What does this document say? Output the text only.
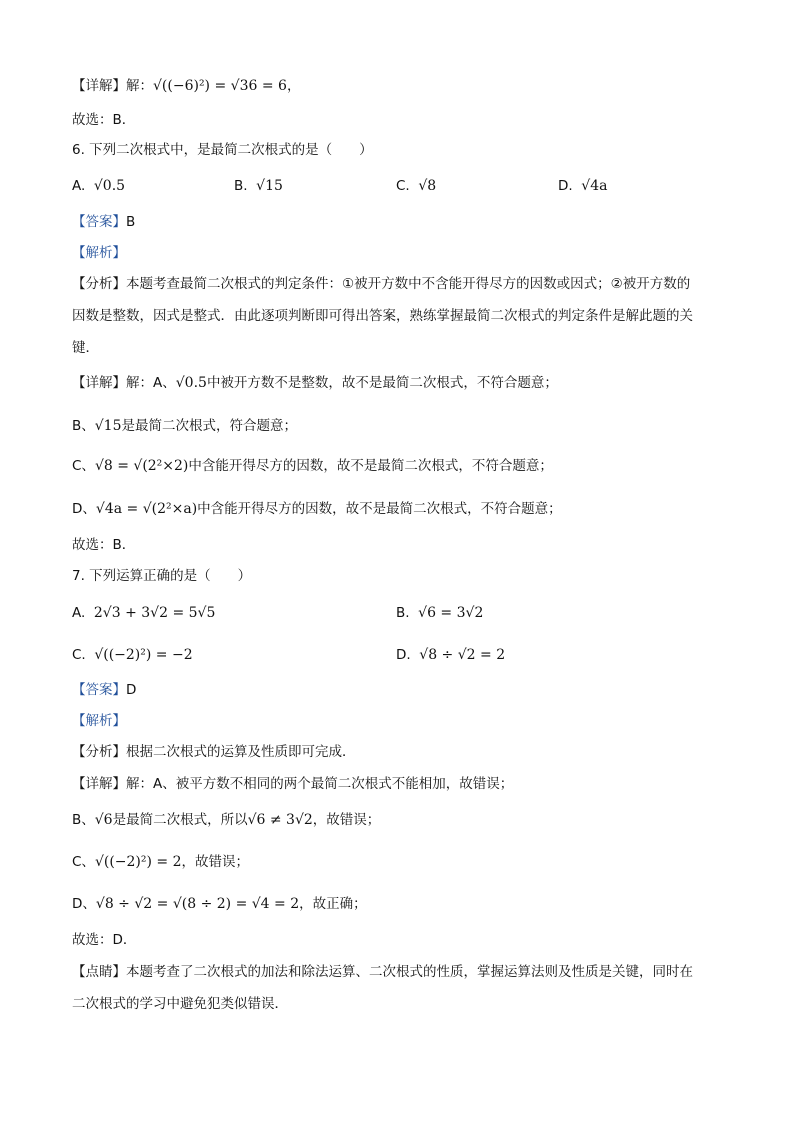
【详解】解：√((−6)²) = √36 = 6，
故选：B．
6. 下列二次根式中，是最简二次根式的是（　　）
A. √0.5	B. √15	C. √8	D. √4a
【答案】B
【解析】
【分析】本题考查最简二次根式的判定条件：①被开方数中不含能开得尽方的因数或因式；②被开方数的
因数是整数，因式是整式．由此逐项判断即可得出答案，熟练掌握最简二次根式的判定条件是解此题的关
键．
【详解】解：A、√0.5中被开方数不是整数，故不是最简二次根式，不符合题意；
B、√15是最简二次根式，符合题意；
C、√8 = √(2²×2)中含能开得尽方的因数，故不是最简二次根式，不符合题意；
D、√4a = √(2²×a)中含能开得尽方的因数，故不是最简二次根式，不符合题意；
故选：B．
7. 下列运算正确的是（　　）
A. 2√3 + 3√2 = 5√5	B. √6 = 3√2
C. √((−2)²) = −2	D. √8 ÷ √2 = 2
【答案】D
【解析】
【分析】根据二次根式的运算及性质即可完成．
【详解】解：A、被平方数不相同的两个最简二次根式不能相加，故错误；
B、√6是最简二次根式，所以√6 ≠ 3√2，故错误；
C、√((−2)²) = 2，故错误；
D、√8 ÷ √2 = √(8 ÷ 2) = √4 = 2，故正确；
故选：D．
【点睛】本题考查了二次根式的加法和除法运算、二次根式的性质，掌握运算法则及性质是关键，同时在
二次根式的学习中避免犯类似错误．
